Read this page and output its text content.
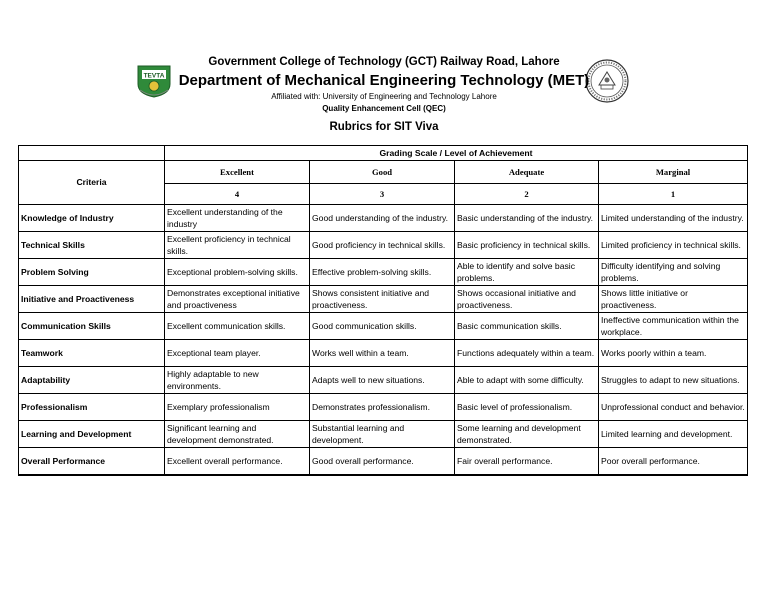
TEVTA
Government College of Technology (GCT) Railway Road, Lahore
Department of Mechanical Engineering Technology (MET)
Affiliated with: University of Engineering and Technology Lahore
Quality Enhancement Cell (QEC)
Rubrics for SIT Viva
	Grading Scale / Level of Achievement			
Criteria	Excellent	Good	Adequate	Marginal
	4	3	2	1
Knowledge of Industry	Excellent understanding of the industry	Good understanding of the industry.	Basic understanding of the industry.	Limited understanding of the industry.
Technical Skills	Excellent proficiency in technical skills.	Good proficiency in technical skills.	Basic proficiency in technical skills.	Limited proficiency in technical skills.
Problem Solving	Exceptional problem-solving skills.	Effective problem-solving skills.	Able to identify and solve basic problems.	Difficulty identifying and solving problems.
Initiative and Proactiveness	Demonstrates exceptional initiative and proactiveness	Shows consistent initiative and proactiveness.	Shows occasional initiative and proactiveness.	Shows little initiative or proactiveness.
Communication Skills	Excellent communication skills.	Good communication skills.	Basic communication skills.	Ineffective communication within the workplace.
Teamwork	Exceptional team player.	Works well within a team.	Functions adequately within a team.	Works poorly within a team.
Adaptability	Highly adaptable to new environments.	Adapts well to new situations.	Able to adapt with some difficulty.	Struggles to adapt to new situations.
Professionalism	Exemplary professionalism	Demonstrates professionalism.	Basic level of professionalism.	Unprofessional conduct and behavior.
Learning and Development	Significant learning and development demonstrated.	Substantial learning and development.	Some learning and development demonstrated.	Limited learning and development.
Overall Performance	Excellent overall performance.	Good overall performance.	Fair overall performance.	Poor overall performance.
